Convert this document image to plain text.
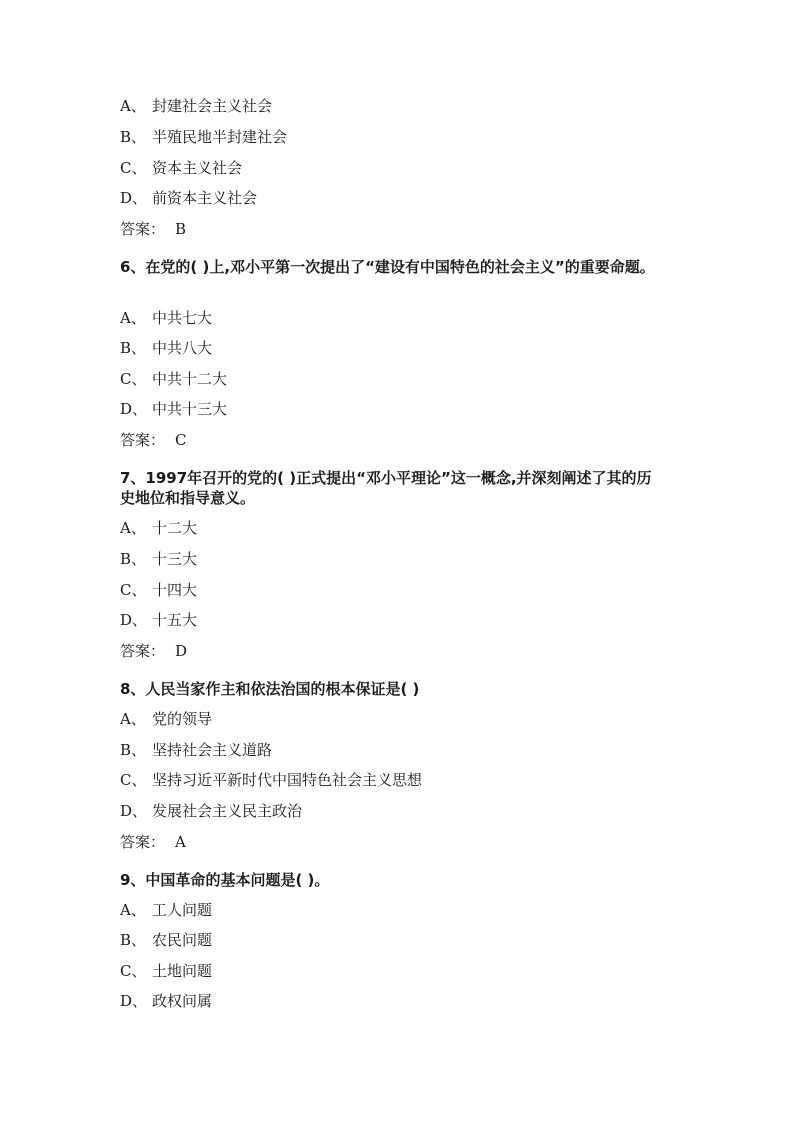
A、 封建社会主义社会
B、 半殖民地半封建社会
C、 资本主义社会
D、 前资本主义社会
答案： B
6、在党的( )上,邓小平第一次提出了“建设有中国特色的社会主义”的重要命题。
A、 中共七大
B、 中共八大
C、 中共十二大
D、 中共十三大
答案： C
7、1997年召开的党的( )正式提出“邓小平理论”这一概念,并深刻阐述了其的历史地位和指导意义。
A、 十二大
B、 十三大
C、 十四大
D、 十五大
答案： D
8、人民当家作主和依法治国的根本保证是( )
A、 党的领导
B、 坚持社会主义道路
C、 坚持习近平新时代中国特色社会主义思想
D、 发展社会主义民主政治
答案： A
9、中国革命的基本问题是( )。
A、 工人问题
B、 农民问题
C、 土地问题
D、 政权问属
